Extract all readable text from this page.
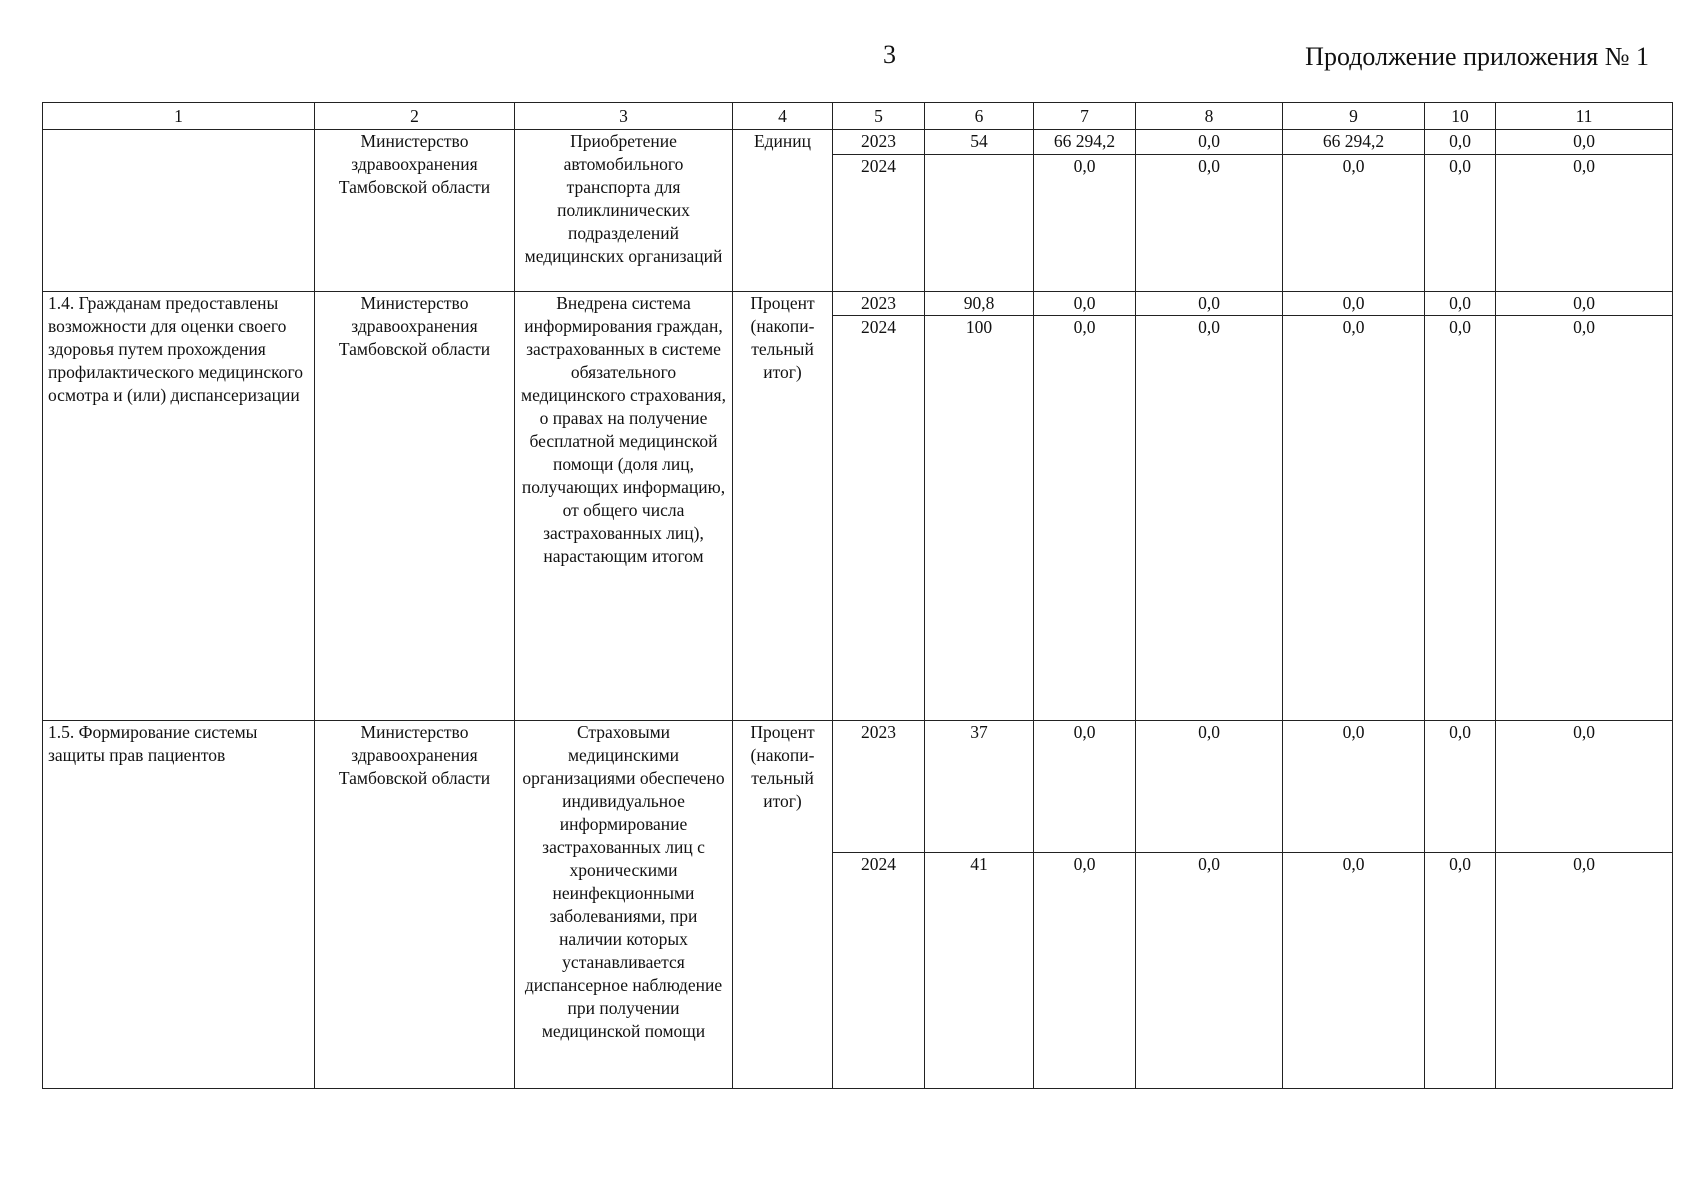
3	Продолжение приложения № 1
1	2	3	4	5	6	7	8	9	10	11
	Министерство здравоохранения Тамбовской области	Приобретение автомобильного транспорта для поликлинических подразделений медицинских организаций	Единиц	2023	54	66 294,2	0,0	66 294,2	0,0	0,0
				2024		0,0	0,0	0,0	0,0	0,0
1.4. Гражданам предоставлены возможности для оценки своего здоровья путем прохождения профилактического медицинского осмотра и (или) диспансеризации	Министерство здравоохранения Тамбовской области	Внедрена система информирования граждан, застрахованных в системе обязательного медицинского страхования, о правах на получение бесплатной медицинской помощи (доля лиц, получающих информацию, от общего числа застрахованных лиц), нарастающим итогом	Процент (накопи-тельный итог)	2023	90,8	0,0	0,0	0,0	0,0	0,0
				2024	100	0,0	0,0	0,0	0,0	0,0
1.5. Формирование системы защиты прав пациентов	Министерство здравоохранения Тамбовской области	Страховыми медицинскими организациями обеспечено индивидуальное информирование застрахованных лиц с хроническими неинфекционными заболеваниями, при наличии которых устанавливается диспансерное наблюдение при получении медицинской помощи	Процент (накопи-тельный итог)	2023	37	0,0	0,0	0,0	0,0	0,0
				2024	41	0,0	0,0	0,0	0,0	0,0
